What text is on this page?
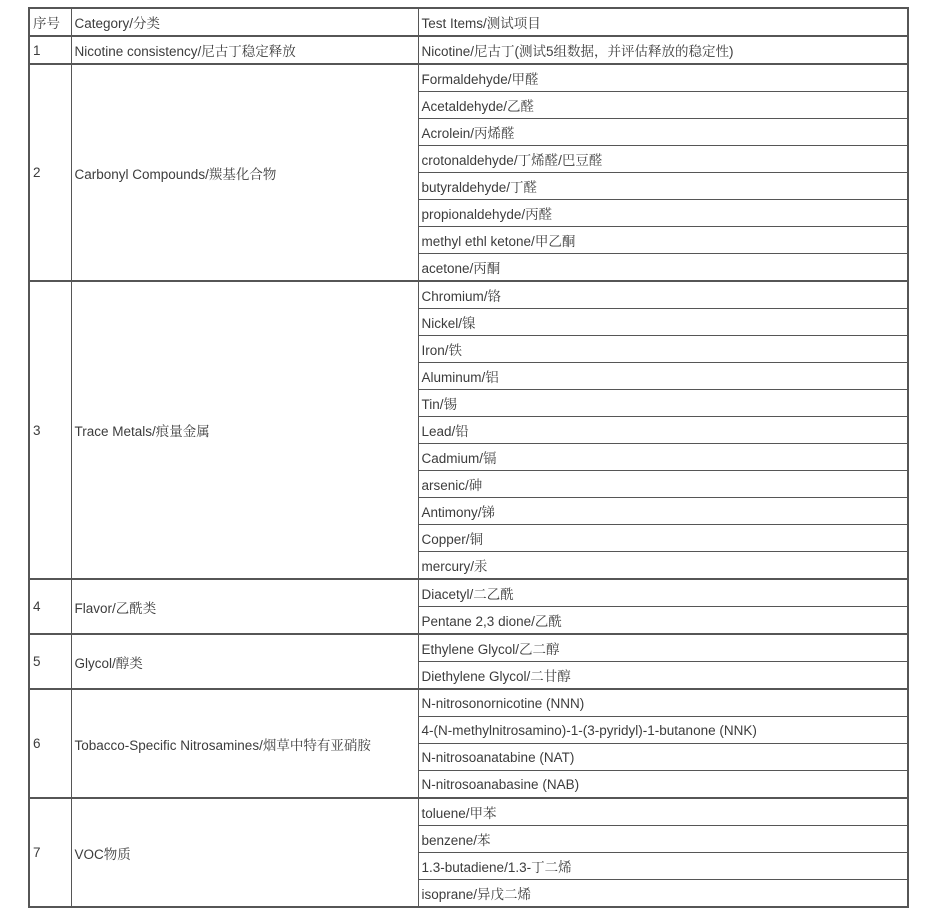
序号	Category/分类	Test Items/测试项目
1	Nicotine consistency/尼古丁稳定释放	Nicotine/尼古丁(测试5组数据，并评估释放的稳定性)
2	Carbonyl Compounds/羰基化合物	Formaldehyde/甲醛
		Acetaldehyde/乙醛
		Acrolein/丙烯醛
		crotonaldehyde/丁烯醛/巴豆醛
		butyraldehyde/丁醛
		propionaldehyde/丙醛
		methyl ethl ketone/甲乙酮
		acetone/丙酮
3	Trace Metals/痕量金属	Chromium/铬
		Nickel/镍
		Iron/铁
		Aluminum/铝
		Tin/锡
		Lead/铅
		Cadmium/镉
		arsenic/砷
		Antimony/锑
		Copper/铜
		mercury/汞
4	Flavor/乙酰类	Diacetyl/二乙酰
		Pentane 2,3 dione/乙酰
5	Glycol/醇类	Ethylene Glycol/乙二醇
		Diethylene Glycol/二甘醇
6	Tobacco-Specific Nitrosamines/烟草中特有亚硝胺	N-nitrosonornicotine (NNN)
		4-(N-methylnitrosamino)-1-(3-pyridyl)-1-butanone (NNK)
		N-nitrosoanatabine (NAT)
		N-nitrosoanabasine (NAB)
7	VOC物质	toluene/甲苯
		benzene/苯
		1.3-butadiene/1.3-丁二烯
		isoprane/异戊二烯
